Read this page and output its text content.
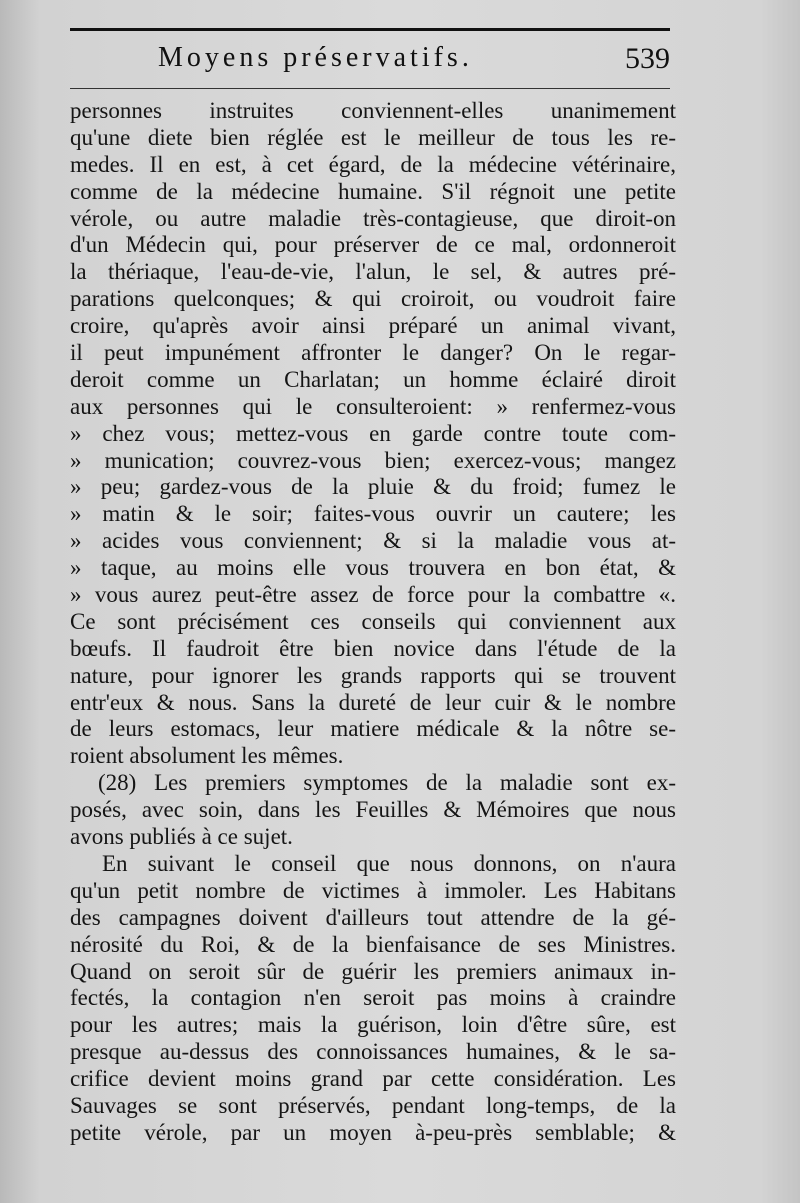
Moyens préservatifs.	539
personnes instruites conviennent-elles unanimement
qu'une diete bien réglée est le meilleur de tous les re-
medes. Il en est, à cet égard, de la médecine vétérinaire,
comme de la médecine humaine. S'il régnoit une petite
vérole, ou autre maladie très-contagieuse, que diroit-on
d'un Médecin qui, pour préserver de ce mal, ordonneroit
la thériaque, l'eau-de-vie, l'alun, le sel, & autres pré-
parations quelconques; & qui croiroit, ou voudroit faire
croire, qu'après avoir ainsi préparé un animal vivant,
il peut impunément affronter le danger? On le regar-
deroit comme un Charlatan; un homme éclairé diroit
aux personnes qui le consulteroient: » renfermez-vous
» chez vous; mettez-vous en garde contre toute com-
» munication; couvrez-vous bien; exercez-vous; mangez
» peu; gardez-vous de la pluie & du froid; fumez le
» matin & le soir; faites-vous ouvrir un cautere; les
» acides vous conviennent; & si la maladie vous at-
» taque, au moins elle vous trouvera en bon état, &
» vous aurez peut-être assez de force pour la combattre «.
Ce sont précisément ces conseils qui conviennent aux
bœufs. Il faudroit être bien novice dans l'étude de la
nature, pour ignorer les grands rapports qui se trouvent
entr'eux & nous. Sans la dureté de leur cuir & le nombre
de leurs estomacs, leur matiere médicale & la nôtre se-
roient absolument les mêmes.
(28) Les premiers symptomes de la maladie sont ex-
posés, avec soin, dans les Feuilles & Mémoires que nous
avons publiés à ce sujet.
En suivant le conseil que nous donnons, on n'aura
qu'un petit nombre de victimes à immoler. Les Habitans
des campagnes doivent d'ailleurs tout attendre de la gé-
nérosité du Roi, & de la bienfaisance de ses Ministres.
Quand on seroit sûr de guérir les premiers animaux in-
fectés, la contagion n'en seroit pas moins à craindre
pour les autres; mais la guérison, loin d'être sûre, est
presque au-dessus des connoissances humaines, & le sa-
crifice devient moins grand par cette considération. Les
Sauvages se sont préservés, pendant long-temps, de la
petite vérole, par un moyen à-peu-près semblable; &
